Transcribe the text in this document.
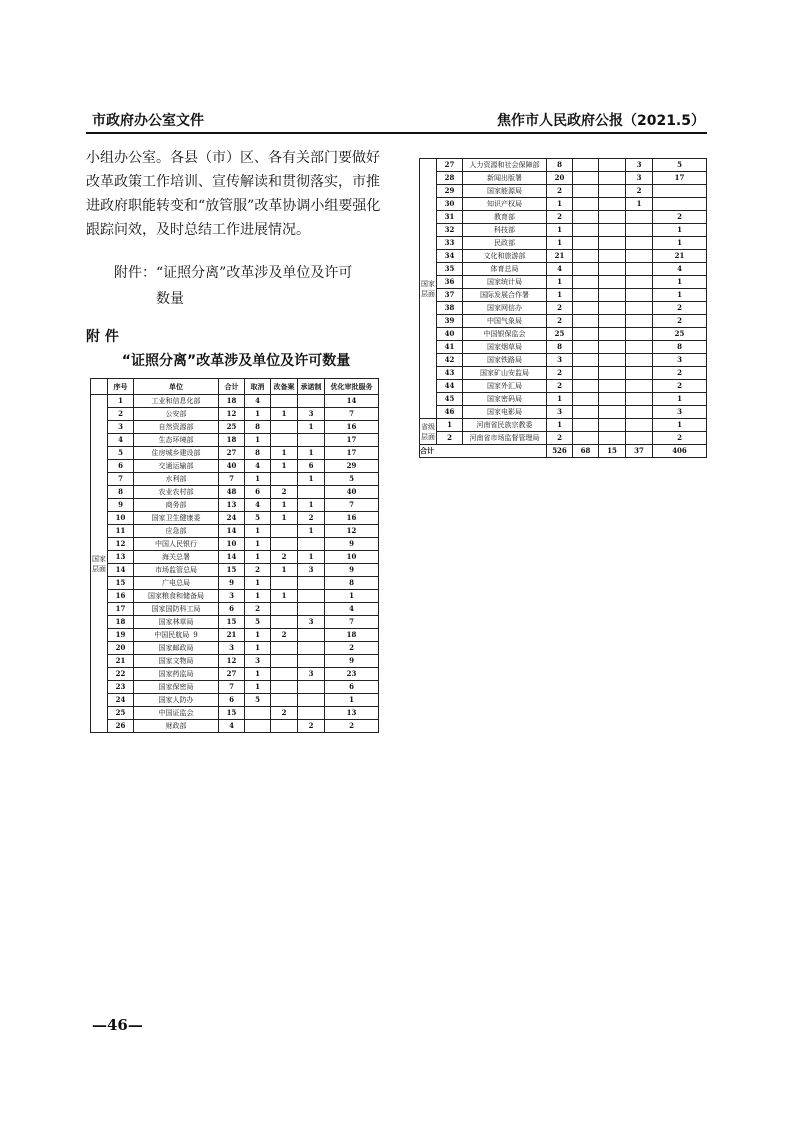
市政府办公室文件	焦作市人民政府公报（2021.5）

小组办公室。各县（市）区、各有关部门要做好改革政策工作培训、宣传解读和贯彻落实，市推进政府职能转变和“放管服”改革协调小组要强化跟踪问效，及时总结工作进展情况。

附件：“证照分离”改革涉及单位及许可
数量

附 件
“证照分离”改革涉及单位及许可数量
	序号	单位	合计	取消	改备案	承诺制	优化审批服务
国家层面	1	工业和信息化部	18	4			14
	2	公安部	12	1	1	3	7
	3	自然资源部	25	8		1	16
	4	生态环境部	18	1			17
	5	住房城乡建设部	27	8	1	1	17
	6	交通运输部	40	4	1	6	29
	7	水利部	7	1		1	5
	8	农业农村部	48	6	2		40
	9	商务部	13	4	1	1	7
	10	国家卫生健康委	24	5	1	2	16
	11	应急部	14	1		1	12
	12	中国人民银行	10	1			9
	13	海关总署	14	1	2	1	10
	14	市场监管总局	15	2	1	3	9
	15	广电总局	9	1			8
	16	国家粮食和储备局	3	1	1		1
	17	国家国防科工局	6	2			4
	18	国家林草局	15	5		3	7
	19	中国民航局 9	21	1	2		18
	20	国家邮政局	3	1			2
	21	国家文物局	12	3			9
	22	国家药监局	27	1		3	23
	23	国家保密局	7	1			6
	24	国家人防办	6	5			1
	25	中国证监会	15		2		13
	26	财政部	4			2	2
国家层面	27	人力资源和社会保障部	8			3	5
	28	新闻出版署	20			3	17
	29	国家能源局	2			2	
	30	知识产权局	1			1	
	31	教育部	2				2
	32	科技部	1				1
	33	民政部	1				1
	34	文化和旅游部	21				21
	35	体育总局	4				4
	36	国家统计局	1				1
	37	国际发展合作署	1				1
	38	国家网信办	2				2
	39	中国气象局	2				2
	40	中国银保监会	25				25
	41	国家烟草局	8				8
	42	国家铁路局	3				3
	43	国家矿山安监局	2				2
	44	国家外汇局	2				2
	45	国家密码局	1				1
	46	国家电影局	3				3
省级层面	1	河南省民族宗教委	1				1
	2	河南省市场监督管理局	2				2
合计			526	68	15	37	406
—46—
